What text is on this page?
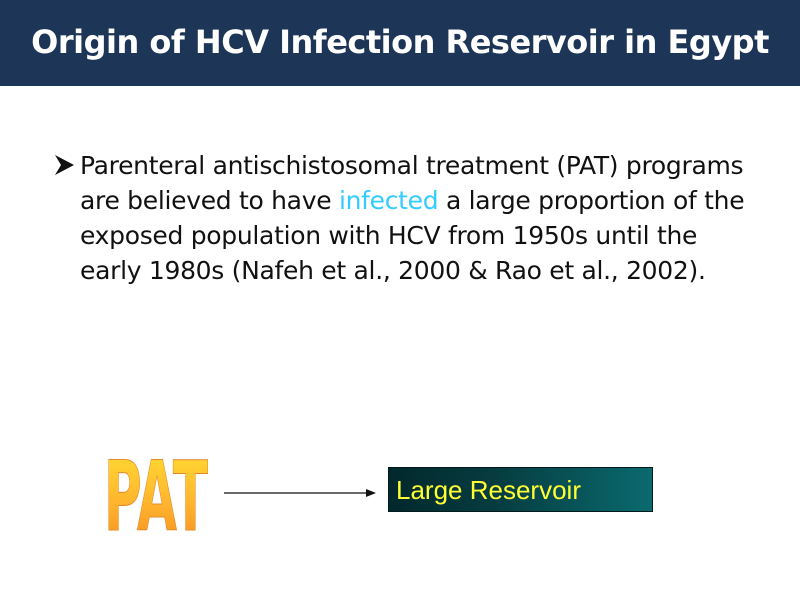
Origin of HCV Infection Reservoir in Egypt
Parenteral antischistosomal treatment (PAT) programs are believed to have infected a large proportion of the exposed population with HCV from 1950s until the early 1980s (Nafeh et al., 2000 & Rao et al., 2002).
PAT	Large Reservoir
